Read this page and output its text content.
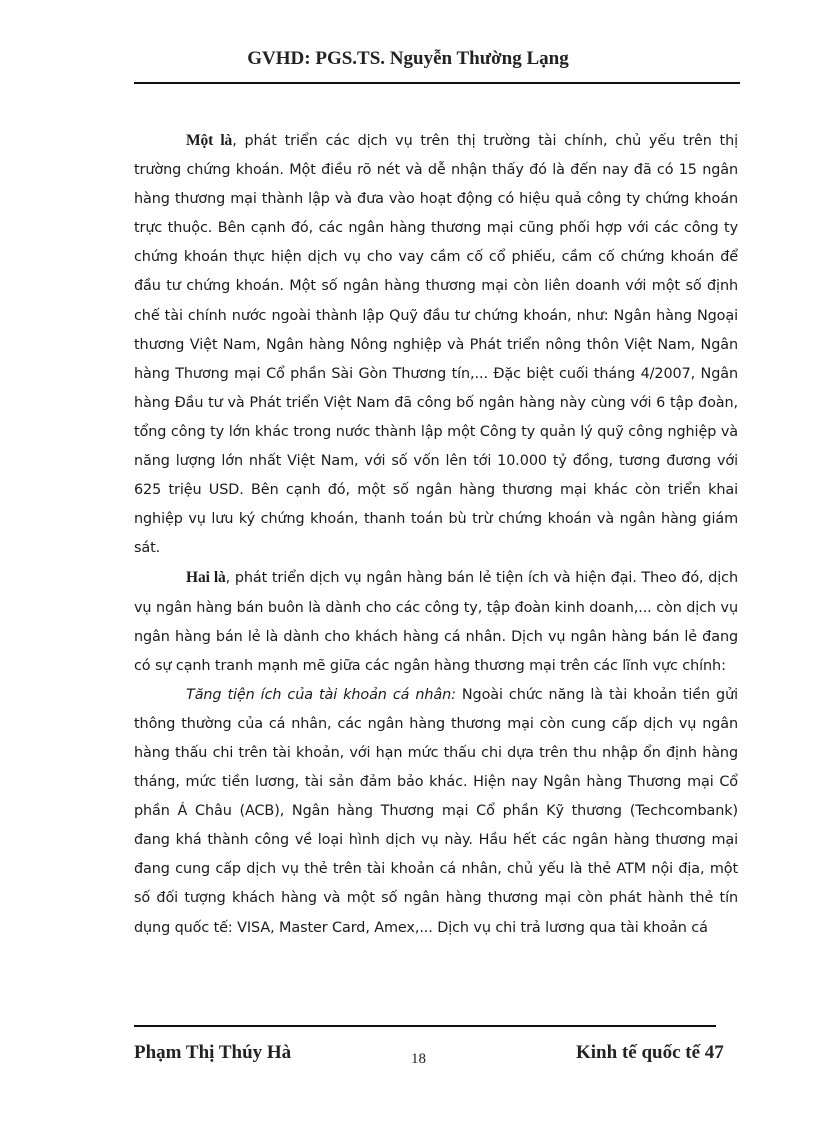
GVHD: PGS.TS. Nguyễn Thường Lạng

Một là, phát triển các dịch vụ trên thị trường tài chính, chủ yếu trên thị trường chứng khoán. Một điều rõ nét và dễ nhận thấy đó là đến nay đã có 15 ngân hàng thương mại thành lập và đưa vào hoạt động có hiệu quả công ty chứng khoán trực thuộc. Bên cạnh đó, các ngân hàng thương mại cũng phối hợp với các công ty chứng khoán thực hiện dịch vụ cho vay cầm cố cổ phiếu, cầm cố chứng khoán để đầu tư chứng khoán. Một số ngân hàng thương mại còn liên doanh với một số định chế tài chính nước ngoài thành lập Quỹ đầu tư chứng khoán, như: Ngân hàng Ngoại thương Việt Nam, Ngân hàng Nông nghiệp và Phát triển nông thôn Việt Nam, Ngân hàng Thương mại Cổ phần Sài Gòn Thương tín,... Đặc biệt cuối tháng 4/2007, Ngân hàng Đầu tư và Phát triển Việt Nam đã công bố ngân hàng này cùng với 6 tập đoàn, tổng công ty lớn khác trong nước thành lập một Công ty quản lý quỹ công nghiệp và năng lượng lớn nhất Việt Nam, với số vốn lên tới 10.000 tỷ đồng, tương đương với 625 triệu USD. Bên cạnh đó, một số ngân hàng thương mại khác còn triển khai nghiệp vụ lưu ký chứng khoán, thanh toán bù trừ chứng khoán và ngân hàng giám sát.

Hai là, phát triển dịch vụ ngân hàng bán lẻ tiện ích và hiện đại. Theo đó, dịch vụ ngân hàng bán buôn là dành cho các công ty, tập đoàn kinh doanh,... còn dịch vụ ngân hàng bán lẻ là dành cho khách hàng cá nhân. Dịch vụ ngân hàng bán lẻ đang có sự cạnh tranh mạnh mẽ giữa các ngân hàng thương mại trên các lĩnh vực chính:

Tăng tiện ích của tài khoản cá nhân: Ngoài chức năng là tài khoản tiền gửi thông thường của cá nhân, các ngân hàng thương mại còn cung cấp dịch vụ ngân hàng thấu chi trên tài khoản, với hạn mức thấu chi dựa trên thu nhập ổn định hàng tháng, mức tiền lương, tài sản đảm bảo khác. Hiện nay Ngân hàng Thương mại Cổ phần Á Châu (ACB), Ngân hàng Thương mại Cổ phần Kỹ thương (Techcombank) đang khá thành công về loại hình dịch vụ này. Hầu hết các ngân hàng thương mại đang cung cấp dịch vụ thẻ trên tài khoản cá nhân, chủ yếu là thẻ ATM nội địa, một số đối tượng khách hàng và một số ngân hàng thương mại còn phát hành thẻ tín dụng quốc tế: VISA, Master Card, Amex,... Dịch vụ chi trả lương qua tài khoản cá

Phạm Thị Thúy Hà	18	Kinh tế quốc tế 47
